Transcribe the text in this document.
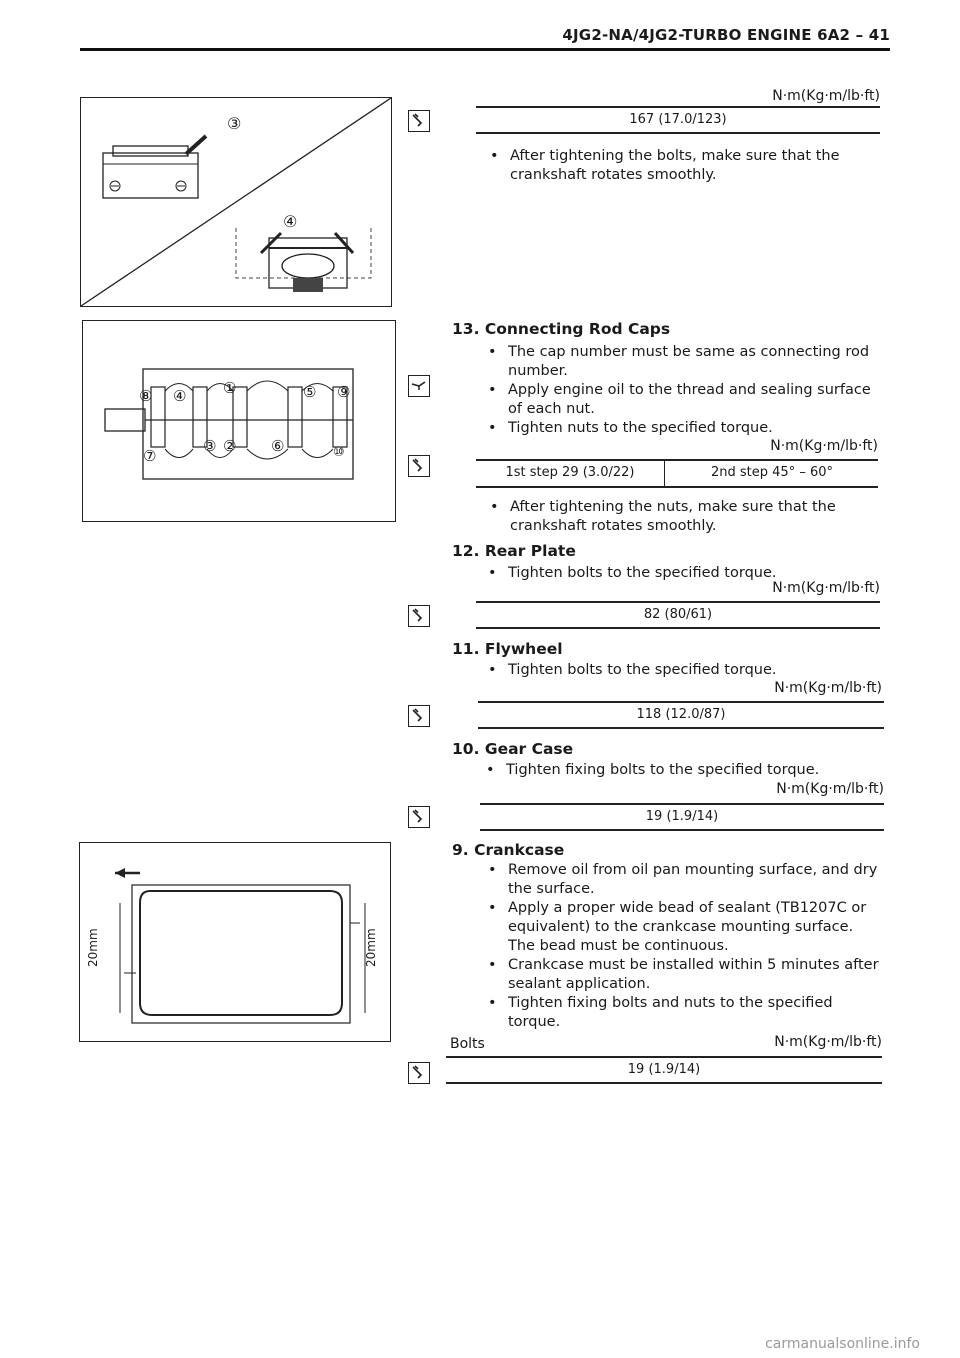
4JG2-NA/4JG2-TURBO ENGINE 6A2 – 41
③
④
N·m(Kg·m/lb·ft)
167 (17.0/123)
• After tightening the bolts, make sure that the crankshaft rotates smoothly.
⑧ ④ ①	⑤ ⑨
⑦
③ ② ⑥	⑩
13. Connecting Rod Caps
• The cap number must be same as connecting rod number.
• Apply engine oil to the thread and sealing surface of each nut.
• Tighten nuts to the specified torque.
N·m(Kg·m/lb·ft)
1st step 29 (3.0/22)	2nd step 45° – 60°
• After tightening the nuts, make sure that the crankshaft rotates smoothly.
12. Rear Plate
• Tighten bolts to the specified torque.
N·m(Kg·m/lb·ft)
82 (80/61)
11. Flywheel
• Tighten bolts to the specified torque.
N·m(Kg·m/lb·ft)
118 (12.0/87)
10. Gear Case
• Tighten fixing bolts to the specified torque.
N·m(Kg·m/lb·ft)
19 (1.9/14)
20mm	20mm
9. Crankcase
• Remove oil from oil pan mounting surface, and dry the surface.
• Apply a proper wide bead of sealant (TB1207C or equivalent) to the crankcase mounting surface. The bead must be continuous.
• Crankcase must be installed within 5 minutes after sealant application.
• Tighten fixing bolts and nuts to the specified torque.
Bolts	N·m(Kg·m/lb·ft)
19 (1.9/14)
carmanualsonline.info
